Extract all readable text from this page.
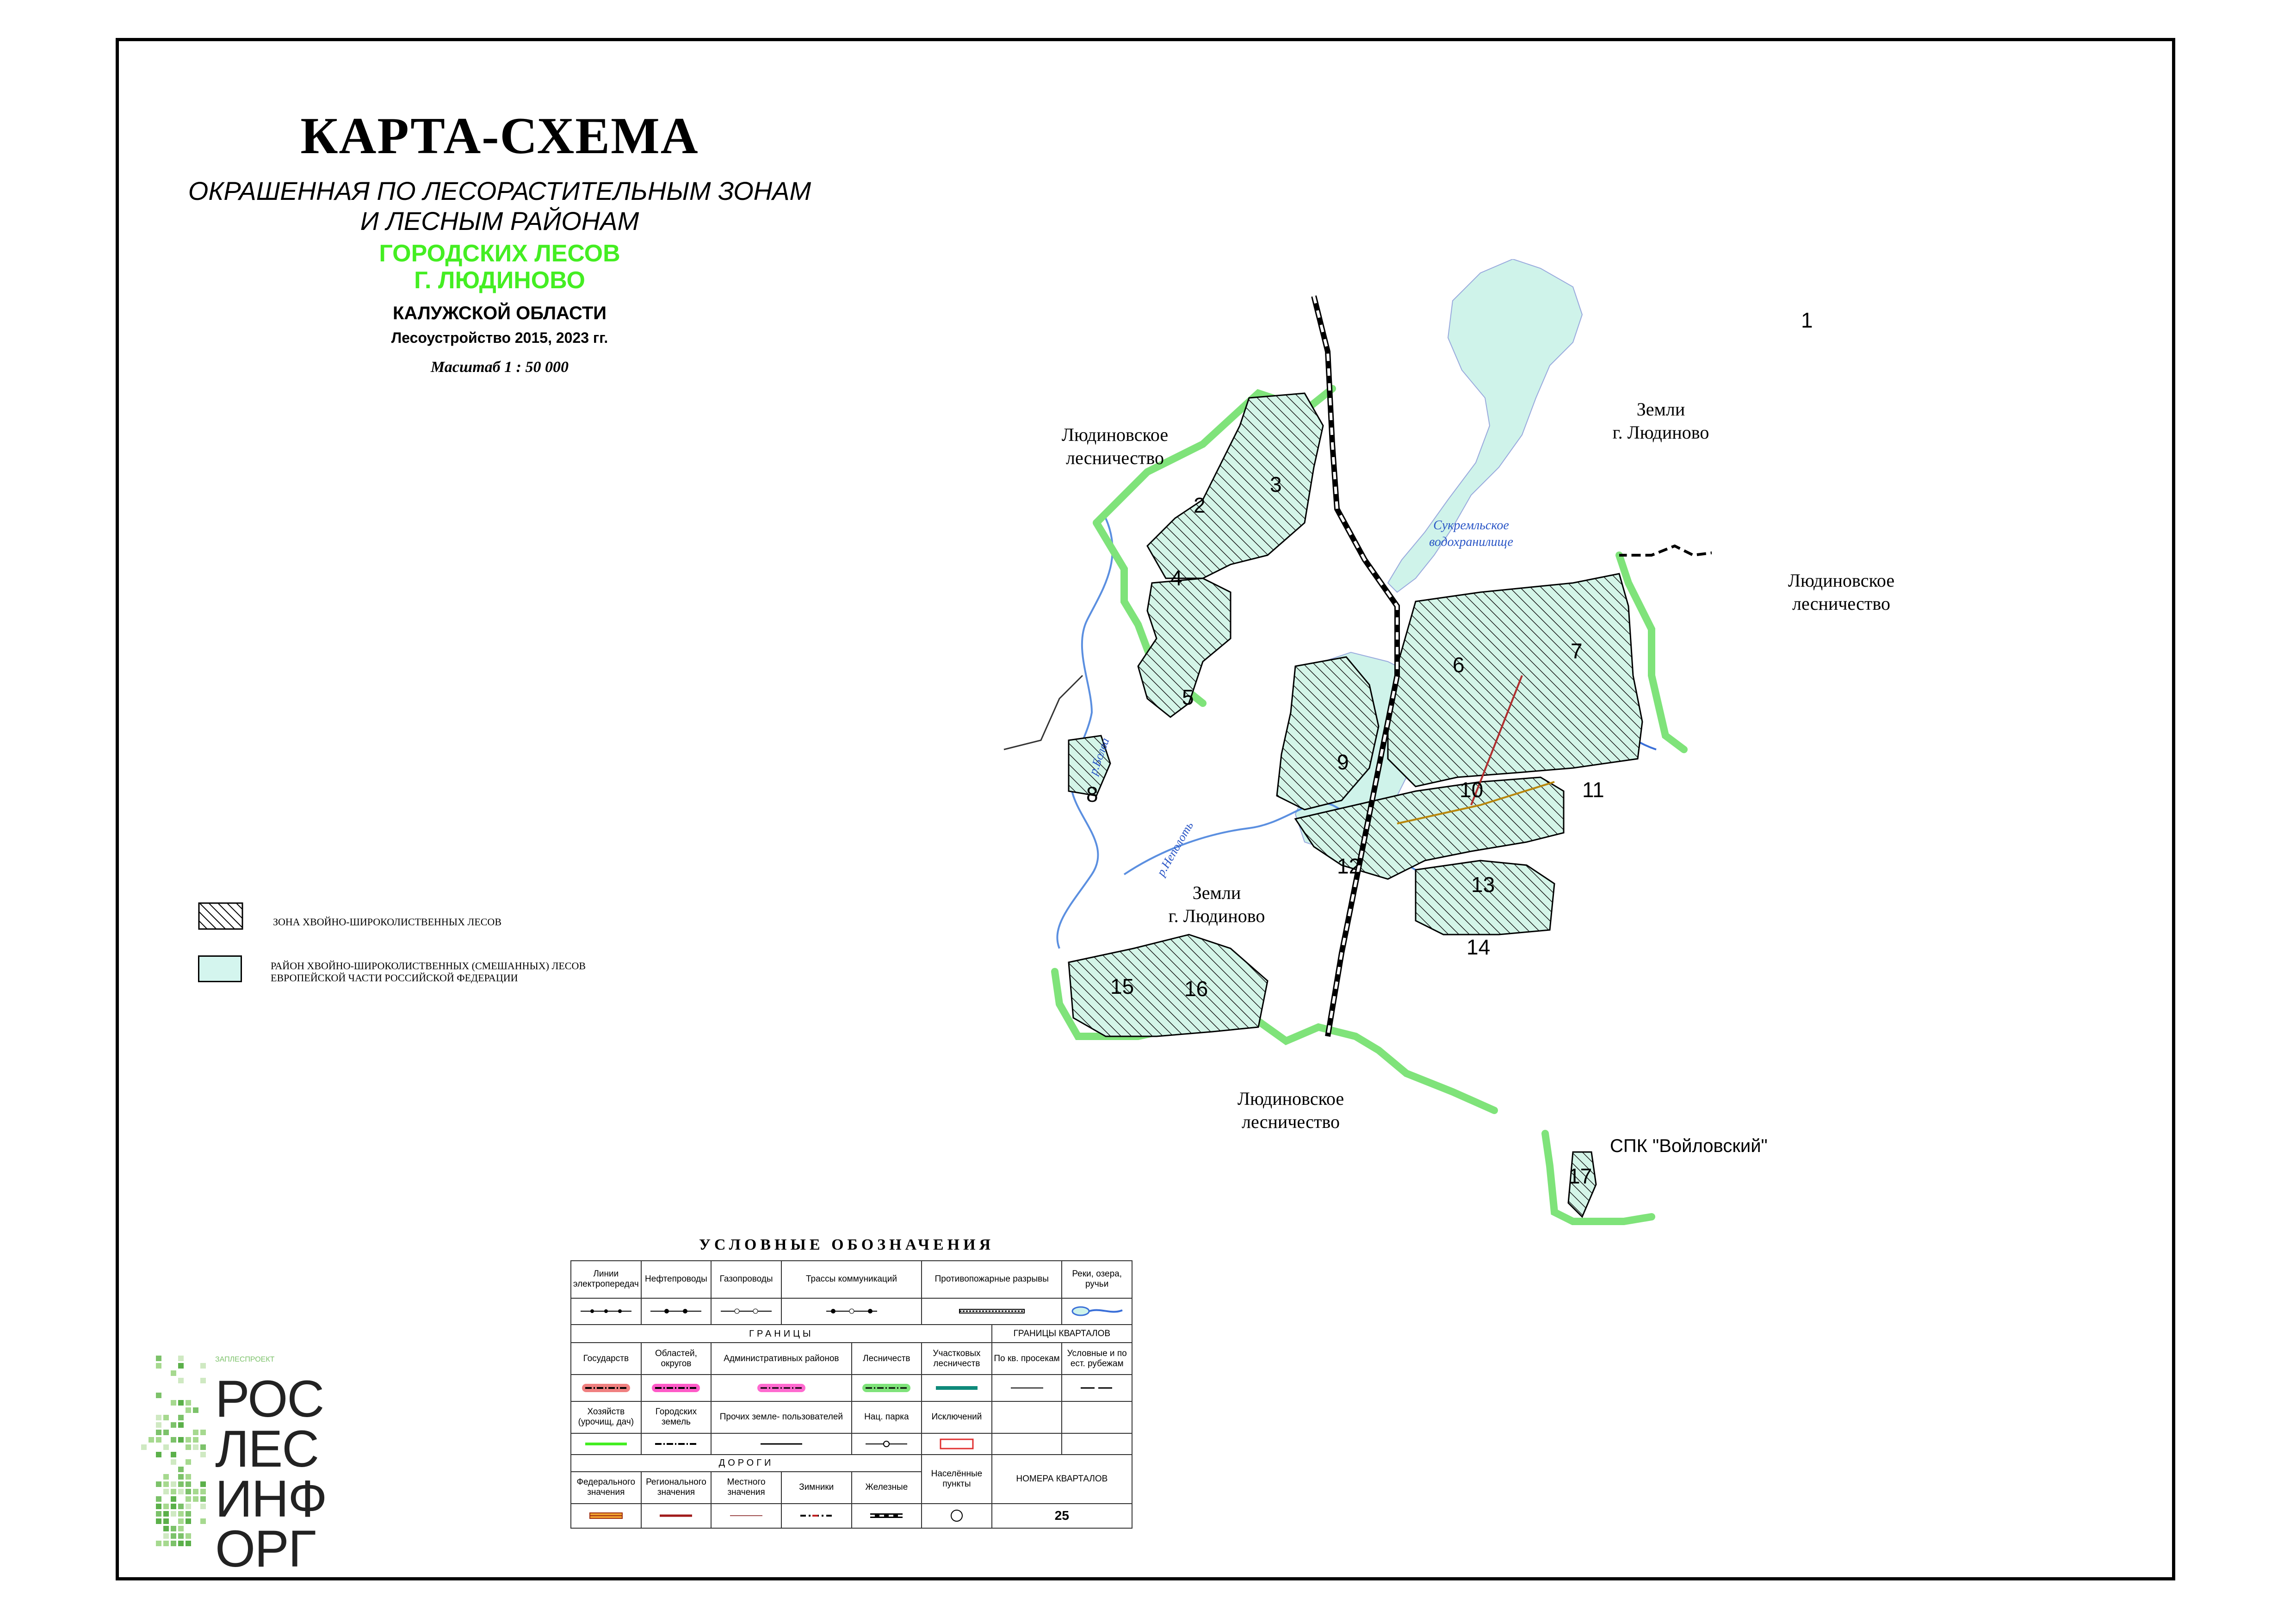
КАРТА-СХЕМА
ОКРАШЕННАЯ ПО ЛЕСОРАСТИТЕЛЬНЫМ ЗОНАМ
И ЛЕСНЫМ РАЙОНАМ
ГОРОДСКИХ ЛЕСОВ
Г. ЛЮДИНОВО
КАЛУЖСКОЙ ОБЛАСТИ
Лесоустройство 2015, 2023 гг.
Масштаб 1 : 50 000
ЗОНА ХВОЙНО-ШИРОКОЛИСТВЕННЫХ ЛЕСОВ
РАЙОН ХВОЙНО-ШИРОКОЛИСТВЕННЫХ (СМЕШАННЫХ) ЛЕСОВ
ЕВРОПЕЙСКОЙ ЧАСТИ РОССИЙСКОЙ ФЕДЕРАЦИИ
Людиновское
лесничество
Земли
г. Людиново
Людиновское
лесничество
Сукремльское
водохранилище
Земли
г. Людиново
Людиновское
лесничество
СПК "Войловский"
р.Болва
р.Неполоть
1
2
3
4
5
6
7
8
9
10	11
12
13
14
15 16
17
УСЛОВНЫЕ ОБОЗНАЧЕНИЯ
Линии электропередач	Нефтепроводы	Газопроводы	Трассы коммуникаций		Противопожарные разрывы		Реки, озера, ручьи

ГРАНИЦЫ						ГРАНИЦЫ КВАРТАЛОВ	
Государств	Областей, округов	Административных районов		Лесничеств	Участковых лесничеств	По кв. просекам	Условные и по ест. рубежам

Хозяйств (урочищ, дач)	Городских земель	Прочих земле- пользователей		Нац. парка	Исключений		

ДОРОГИ					Населённые пункты	НОМЕРА КВАРТАЛОВ	
Федерального значения	Регионального значения	Местного значения	Зимники	Железные			

	25	
ЗАПЛЕСПРОЕКТ
РОС
ЛЕС
ИНФ
ОРГ
